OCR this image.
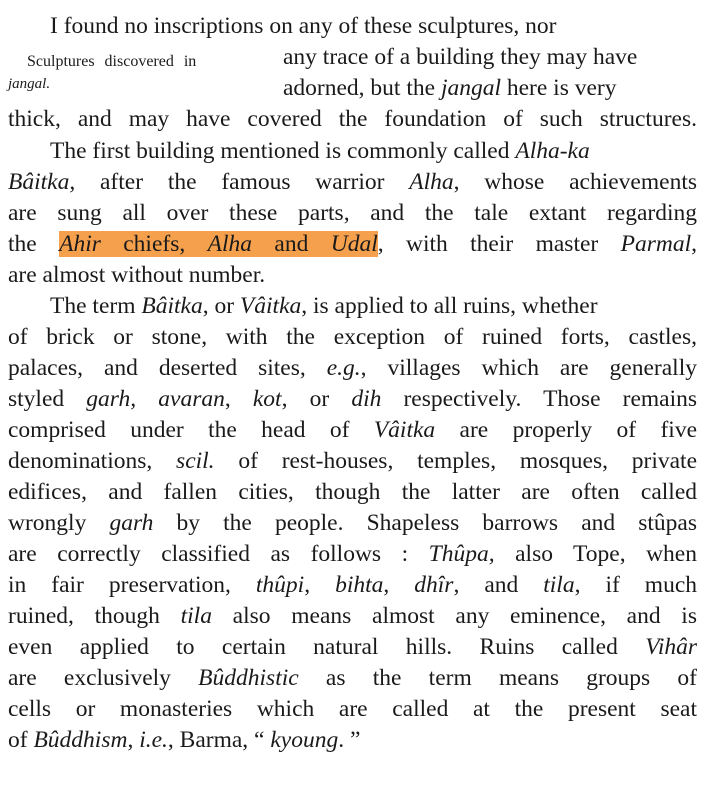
Sculptures discovered in
jangal.
I found no inscriptions on any of these sculptures, nor
any trace of a building they may have
adorned, but the jangal here is very
thick, and may have covered the foundation of such structures.
The first building mentioned is commonly called Alha-ka
Bâitka, after the famous warrior Alha, whose achievements
are sung all over these parts, and the tale extant regarding
the Ahir chiefs, Alha and Udal, with their master Parmal,
are almost without number.
The term Bâitka, or Vâitka, is applied to all ruins, whether
of brick or stone, with the exception of ruined forts, castles,
palaces, and deserted sites, e.g., villages which are generally
styled garh, avaran, kot, or dih respectively. Those remains
comprised under the head of Vâitka are properly of five
denominations, scil. of rest-houses, temples, mosques, private
edifices, and fallen cities, though the latter are often called
wrongly garh by the people. Shapeless barrows and stûpas
are correctly classified as follows : Thûpa, also Tope, when
in fair preservation, thûpi, bihta, dhîr, and tila, if much
ruined, though tila also means almost any eminence, and is
even applied to certain natural hills. Ruins called Vihâr
are exclusively Bûddhistic as the term means groups of
cells or monasteries which are called at the present seat
of Bûddhism, i.e., Barma, “ kyoung. ”
